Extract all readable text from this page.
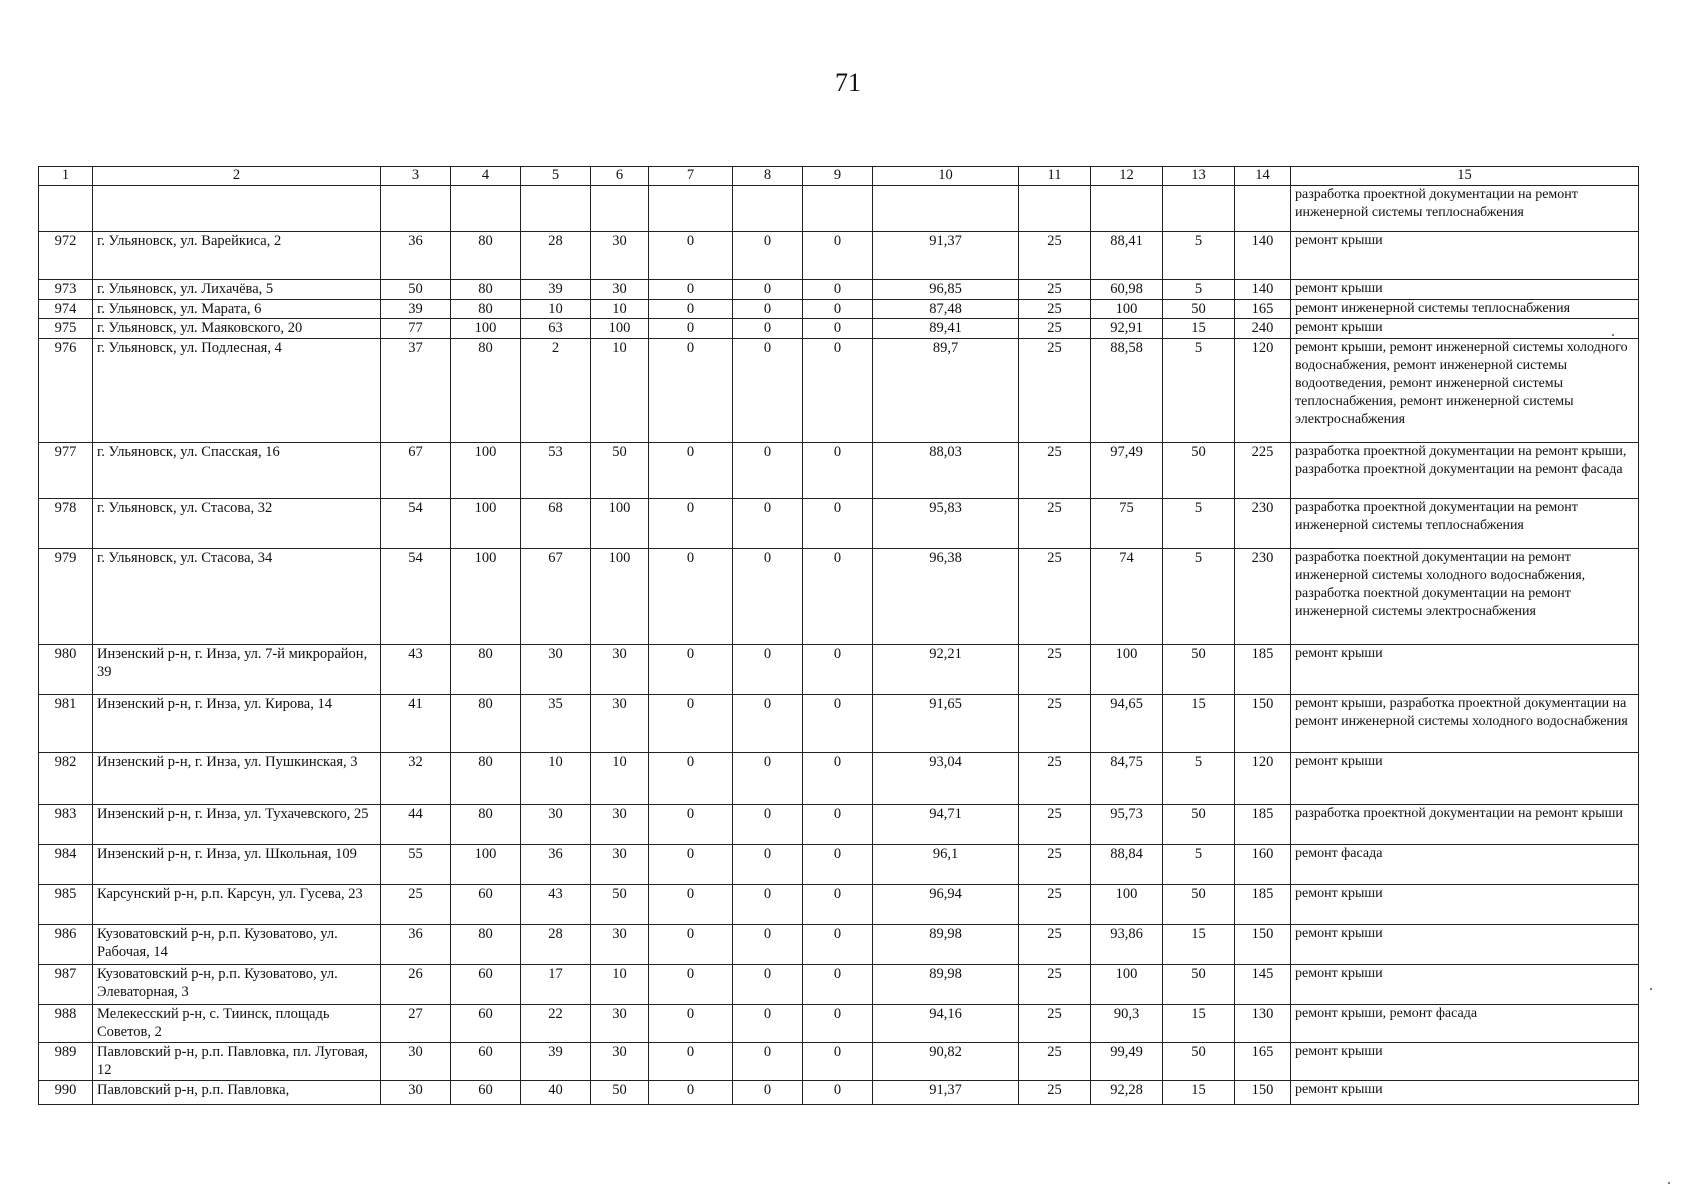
71
1	2	3	4	5	6	7	8	9	10	11	12	13	14	15
														разработка проектной документации на ремонт инженерной системы теплоснабжения
972	г. Ульяновск, ул. Варейкиса, 2	36	80	28	30	0	0	0	91,37	25	88,41	5	140	ремонт крыши
973	г. Ульяновск, ул. Лихачёва, 5	50	80	39	30	0	0	0	96,85	25	60,98	5	140	ремонт крыши
974	г. Ульяновск, ул. Марата, 6	39	80	10	10	0	0	0	87,48	25	100	50	165	ремонт инженерной системы теплоснабжения
975	г. Ульяновск, ул. Маяковского, 20	77	100	63	100	0	0	0	89,41	25	92,91	15	240	ремонт крыши
976	г. Ульяновск, ул. Подлесная, 4	37	80	2	10	0	0	0	89,7	25	88,58	5	120	ремонт крыши, ремонт инженерной системы холодного водоснабжения, ремонт инженерной системы водоотведения, ремонт инженерной системы теплоснабжения, ремонт инженерной системы электроснабжения
977	г. Ульяновск, ул. Спасская, 16	67	100	53	50	0	0	0	88,03	25	97,49	50	225	разработка проектной документации на ремонт крыши, разработка проектной документации на ремонт фасада
978	г. Ульяновск, ул. Стасова, 32	54	100	68	100	0	0	0	95,83	25	75	5	230	разработка проектной документации на ремонт инженерной системы теплоснабжения
979	г. Ульяновск, ул. Стасова, 34	54	100	67	100	0	0	0	96,38	25	74	5	230	разработка поектной документации на ремонт инженерной системы холодного водоснабжения, разработка поектной документации на ремонт инженерной системы электроснабжения
980	Инзенский р-н, г. Инза, ул. 7-й микрорайон, 39	43	80	30	30	0	0	0	92,21	25	100	50	185	ремонт крыши
981	Инзенский р-н, г. Инза, ул. Кирова, 14	41	80	35	30	0	0	0	91,65	25	94,65	15	150	ремонт крыши, разработка проектной документации на ремонт инженерной системы холодного водоснабжения
982	Инзенский р-н, г. Инза, ул. Пушкинская, 3	32	80	10	10	0	0	0	93,04	25	84,75	5	120	ремонт крыши
983	Инзенский р-н, г. Инза, ул. Тухачевского, 25	44	80	30	30	0	0	0	94,71	25	95,73	50	185	разработка проектной документации на ремонт крыши
984	Инзенский р-н, г. Инза, ул. Школьная, 109	55	100	36	30	0	0	0	96,1	25	88,84	5	160	ремонт фасада
985	Карсунский р-н, р.п. Карсун, ул. Гусева, 23	25	60	43	50	0	0	0	96,94	25	100	50	185	ремонт крыши
986	Кузоватовский р-н, р.п. Кузоватово, ул. Рабочая, 14	36	80	28	30	0	0	0	89,98	25	93,86	15	150	ремонт крыши
987	Кузоватовский р-н, р.п. Кузоватово, ул. Элеваторная, 3	26	60	17	10	0	0	0	89,98	25	100	50	145	ремонт крыши
988	Мелекесский р-н, с. Тиинск, площадь Советов, 2	27	60	22	30	0	0	0	94,16	25	90,3	15	130	ремонт крыши, ремонт фасада
989	Павловский р-н, р.п. Павловка, пл. Луговая, 12	30	60	39	30	0	0	0	90,82	25	99,49	50	165	ремонт крыши
990	Павловский р-н, р.п. Павловка,	30	60	40	50	0	0	0	91,37	25	92,28	15	150	ремонт крыши
